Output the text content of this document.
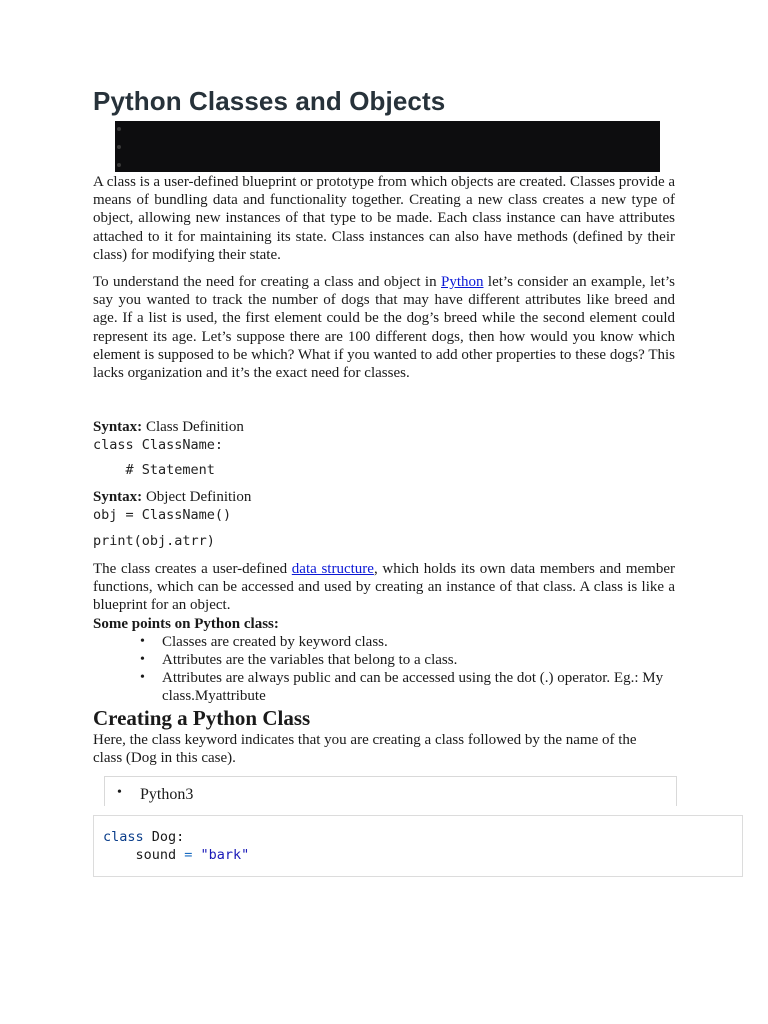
Python Classes and Objects

A class is a user-defined blueprint or prototype from which objects are created. Classes provide a means of bundling data and functionality together. Creating a new class creates a new type of object, allowing new instances of that type to be made. Each class instance can have attributes attached to it for maintaining its state. Class instances can also have methods (defined by their class) for modifying their state.

To understand the need for creating a class and object in Python let’s consider an example, let’s say you wanted to track the number of dogs that may have different attributes like breed and age. If a list is used, the first element could be the dog’s breed while the second element could represent its age. Let’s suppose there are 100 different dogs, then how would you know which element is supposed to be which? What if you wanted to add other properties to these dogs? This lacks organization and it’s the exact need for classes.

Syntax: Class Definition
class ClassName:
# Statement
Syntax: Object Definition
obj = ClassName()
print(obj.atrr)

The class creates a user-defined data structure, which holds its own data members and member functions, which can be accessed and used by creating an instance of that class. A class is like a blueprint for an object.

Some points on Python class:
• Classes are created by keyword class.
• Attributes are the variables that belong to a class.
• Attributes are always public and can be accessed using the dot (.) operator. Eg.: My class.Myattribute
Creating a Python Class

Here, the class keyword indicates that you are creating a class followed by the name of the class (Dog in this case).

• Python3
class Dog:
sound = "bark"
